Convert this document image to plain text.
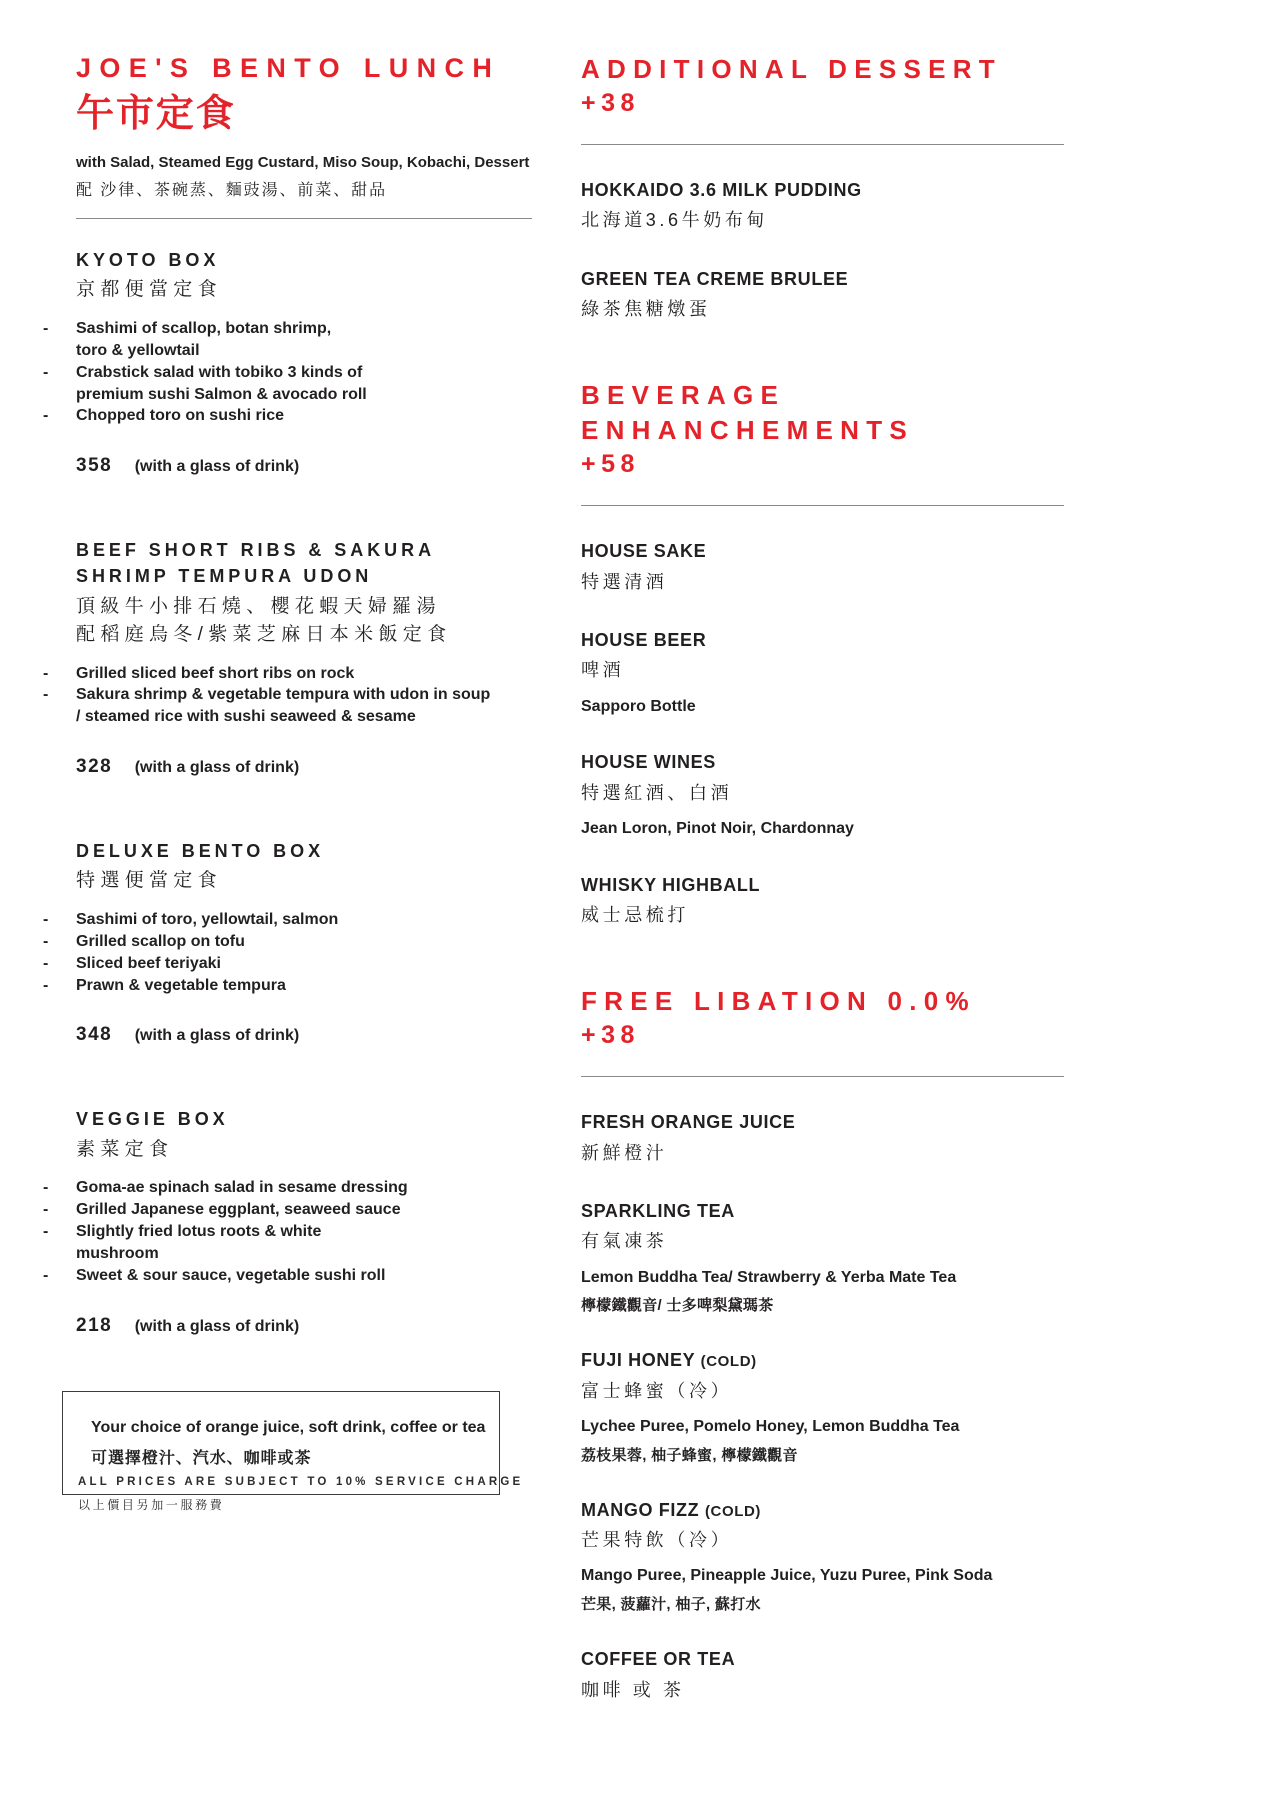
JOE'S BENTO LUNCH
午市定食

with Salad, Steamed Egg Custard, Miso Soup, Kobachi, Dessert

配 沙律、茶碗蒸、麵豉湯、前菜、甜品

KYOTO BOX
京都便當定食
- Sashimi of scallop, botan shrimp,
toro & yellowtail
- Crabstick salad with tobiko 3 kinds of
premium sushi Salmon & avocado roll
- Chopped toro on sushi rice
358 (with a glass of drink)
BEEF SHORT RIBS & SAKURA SHRIMP TEMPURA UDON
頂級牛小排石燒、櫻花蝦天婦羅湯
配稻庭烏冬/紫菜芝麻日本米飯定食
- Grilled sliced beef short ribs on rock
- Sakura shrimp & vegetable tempura with udon in soup
/ steamed rice with sushi seaweed & sesame
328 (with a glass of drink)
DELUXE BENTO BOX
特選便當定食
- Sashimi of toro, yellowtail, salmon
- Grilled scallop on tofu
- Sliced beef teriyaki
- Prawn & vegetable tempura
348 (with a glass of drink)
VEGGIE BOX
素菜定食
- Goma-ae spinach salad in sesame dressing
- Grilled Japanese eggplant, seaweed sauce
- Slightly fried lotus roots & white
mushroom
- Sweet & sour sauce, vegetable sushi roll
218 (with a glass of drink)
Your choice of orange juice, soft drink, coffee or tea
可選擇橙汁、汽水、咖啡或茶
ADDITIONAL DESSERT
+38
HOKKAIDO 3.6 MILK PUDDING
北海道3.6牛奶布甸
GREEN TEA CREME BRULEE
綠茶焦糖燉蛋
BEVERAGE ENHANCHEMENTS
+58
HOUSE SAKE
特選清酒
HOUSE BEER
啤酒
Sapporo Bottle
HOUSE WINES
特選紅酒、白酒
Jean Loron, Pinot Noir, Chardonnay
WHISKY HIGHBALL
威士忌梳打
FREE LIBATION 0.0%
+38
FRESH ORANGE JUICE
新鮮橙汁
SPARKLING TEA
有氣凍茶
Lemon Buddha Tea/ Strawberry & Yerba Mate Tea
檸檬鐵觀音/ 士多啤梨黛瑪茶
FUJI HONEY (COLD)
富士蜂蜜（冷）
Lychee Puree, Pomelo Honey, Lemon Buddha Tea
荔枝果蓉, 柚子蜂蜜, 檸檬鐵觀音
MANGO FIZZ (COLD)
芒果特飲（冷）
Mango Puree, Pineapple Juice, Yuzu Puree, Pink Soda
芒果, 菠蘿汁, 柚子, 蘇打水
COFFEE OR TEA
咖啡 或 茶
ALL PRICES ARE SUBJECT TO 10% SERVICE CHARGE
以上價目另加一服務費
